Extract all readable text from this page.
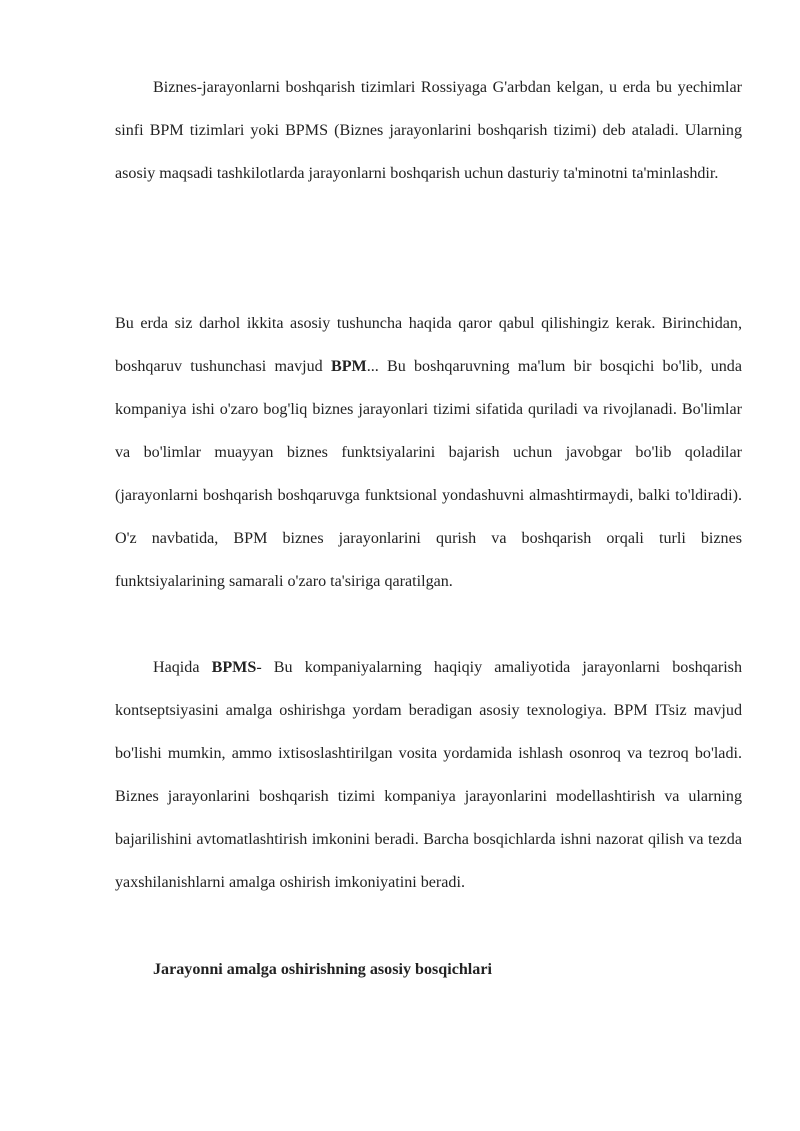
Biznes-jarayonlarni boshqarish tizimlari Rossiyaga G'arbdan kelgan, u erda bu yechimlar sinfi BPM tizimlari yoki BPMS (Biznes jarayonlarini boshqarish tizimi) deb ataladi. Ularning asosiy maqsadi tashkilotlarda jarayonlarni boshqarish uchun dasturiy ta'minotni ta'minlashdir.

Bu erda siz darhol ikkita asosiy tushuncha haqida qaror qabul qilishingiz kerak. Birinchidan, boshqaruv tushunchasi mavjud BPM... Bu boshqaruvning ma'lum bir bosqichi bo'lib, unda kompaniya ishi o'zaro bog'liq biznes jarayonlari tizimi sifatida quriladi va rivojlanadi. Bo'limlar va bo'limlar muayyan biznes funktsiyalarini bajarish uchun javobgar bo'lib qoladilar (jarayonlarni boshqarish boshqaruvga funktsional yondashuvni almashtirmaydi, balki to'ldiradi). O'z navbatida, BPM biznes jarayonlarini qurish va boshqarish orqali turli biznes funktsiyalarining samarali o'zaro ta'siriga qaratilgan.

Haqida BPMS- Bu kompaniyalarning haqiqiy amaliyotida jarayonlarni boshqarish kontseptsiyasini amalga oshirishga yordam beradigan asosiy texnologiya. BPM ITsiz mavjud bo'lishi mumkin, ammo ixtisoslashtirilgan vosita yordamida ishlash osonroq va tezroq bo'ladi. Biznes jarayonlarini boshqarish tizimi kompaniya jarayonlarini modellashtirish va ularning bajarilishini avtomatlashtirish imkonini beradi. Barcha bosqichlarda ishni nazorat qilish va tezda yaxshilanishlarni amalga oshirish imkoniyatini beradi.

Jarayonni amalga oshirishning asosiy bosqichlari
